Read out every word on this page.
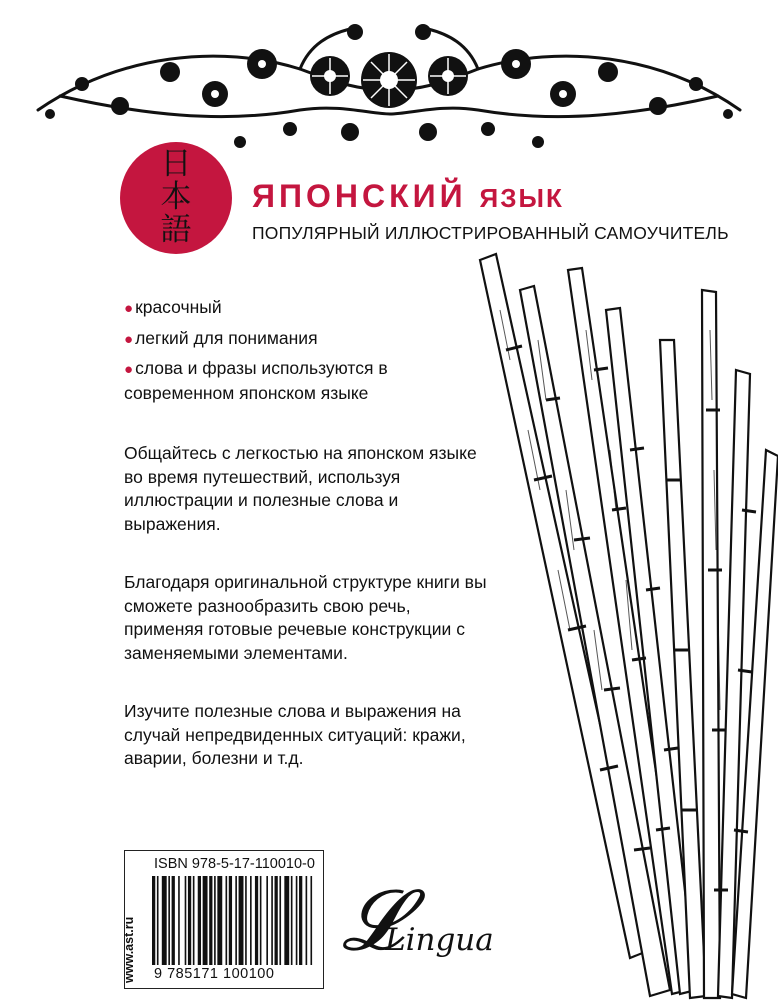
日
本
語
ЯПОНСКИЙ ЯЗЫК
ПОПУЛЯРНЫЙ ИЛЛЮСТРИРОВАННЫЙ САМОУЧИТЕЛЬ
● красочный
● легкий для понимания
● слова и фразы используются в современном японском языке

Общайтесь с легкостью на японском языке во время путешествий, используя иллюстрации и полезные слова и выражения.

Благодаря оригинальной структуре книги вы сможете разнообразить свою речь, применяя готовые речевые конструкции с заменяемыми элементами.

Изучите полезные слова и выражения на случай непредвиденных ситуаций: кражи, аварии, болезни и т.д.

www.ast.ru
ISBN 978-5-17-110010-0
9 785171 100100
𝓛
Lingua
